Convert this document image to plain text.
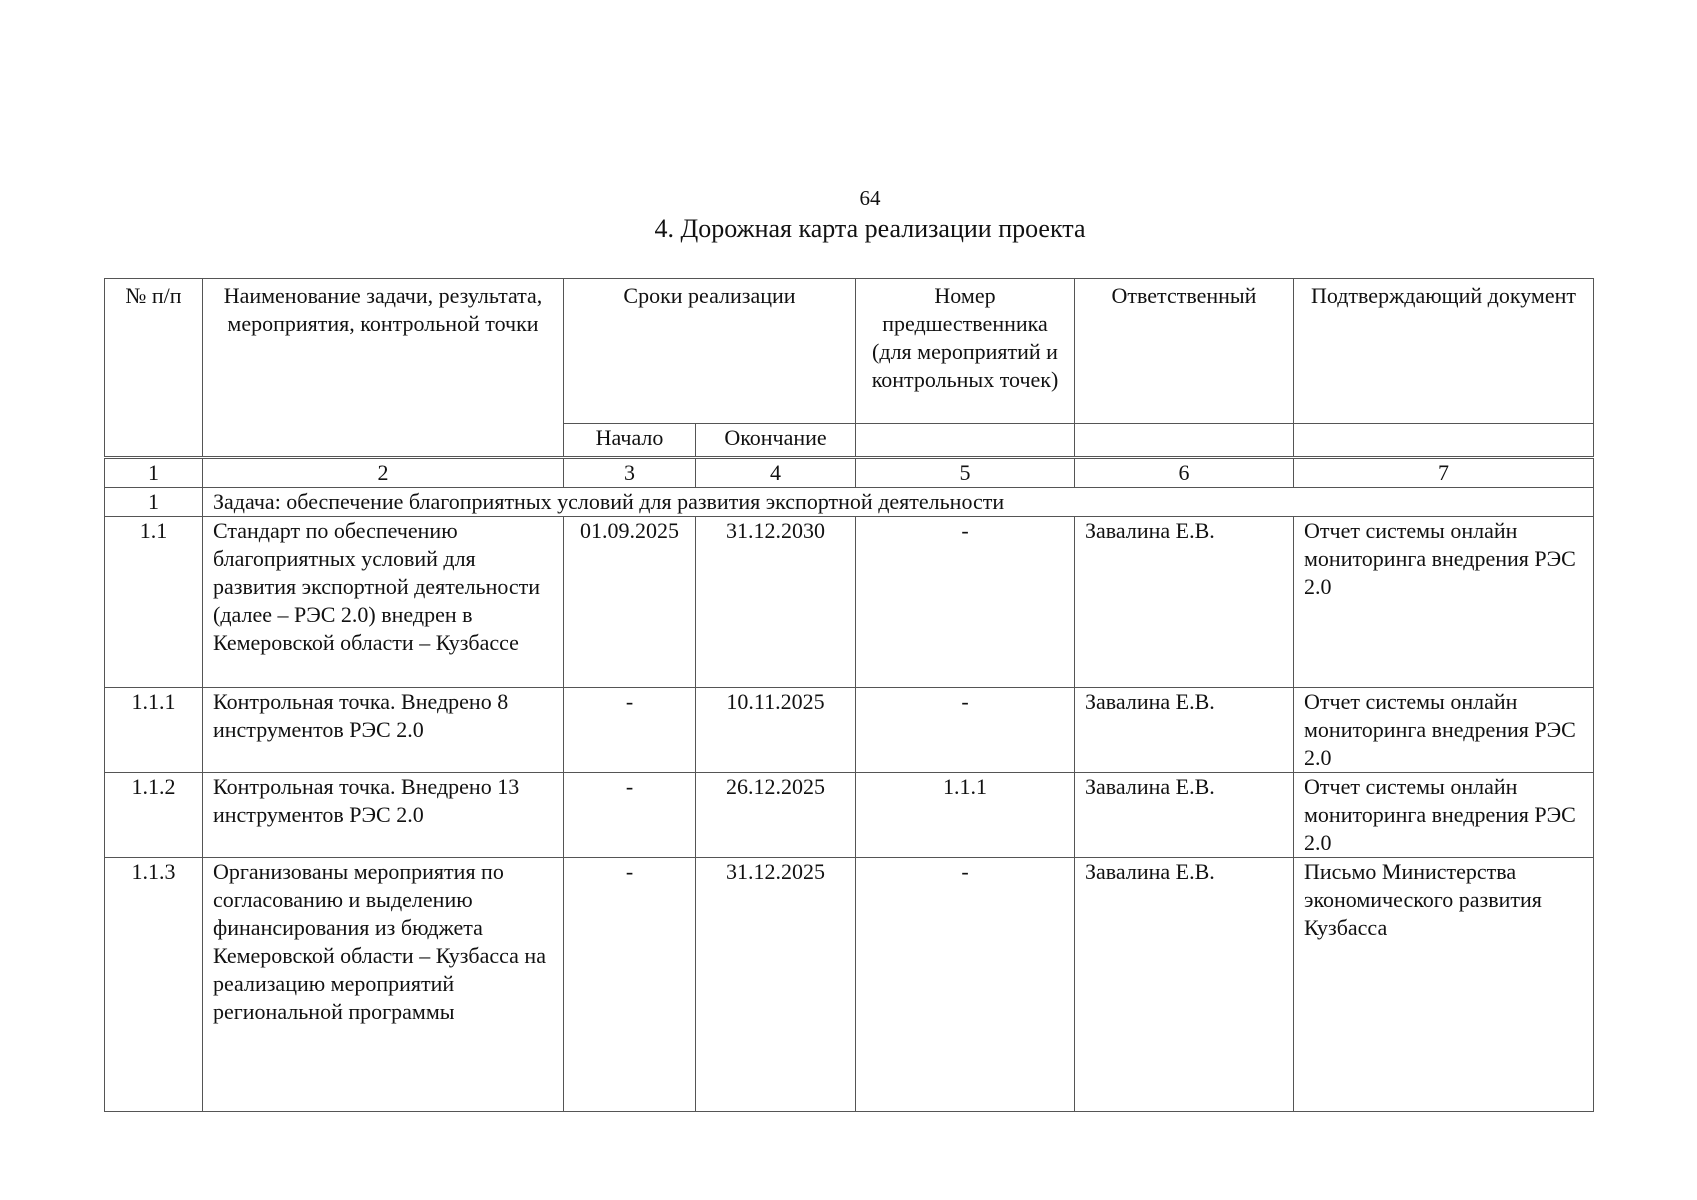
64
4. Дорожная карта реализации проекта
№ п/п	Наименование задачи, результата, мероприятия, контрольной точки	Сроки реализации		Номер предшественника (для мероприятий и контрольных точек)	Ответственный	Подтверждающий документ
		Начало	Окончание			
1	2	3	4	5	6	7
1	Задача: обеспечение благоприятных условий для развития экспортной деятельности					
1.1	Стандарт по обеспечению благоприятных условий для развития экспортной деятельности (далее – РЭС 2.0) внедрен в Кемеровской области – Кузбассе	01.09.2025	31.12.2030	-	Завалина Е.В.	Отчет системы онлайн мониторинга внедрения РЭС 2.0
1.1.1	Контрольная точка. Внедрено 8 инструментов РЭС 2.0	-	10.11.2025	-	Завалина Е.В.	Отчет системы онлайн мониторинга внедрения РЭС 2.0
1.1.2	Контрольная точка. Внедрено 13 инструментов РЭС 2.0	-	26.12.2025	1.1.1	Завалина Е.В.	Отчет системы онлайн мониторинга внедрения РЭС 2.0
1.1.3	Организованы мероприятия по согласованию и выделению финансирования из бюджета Кемеровской области – Кузбасса на реализацию мероприятий региональной программы	-	31.12.2025	-	Завалина Е.В.	Письмо Министерства экономического развития Кузбасса
